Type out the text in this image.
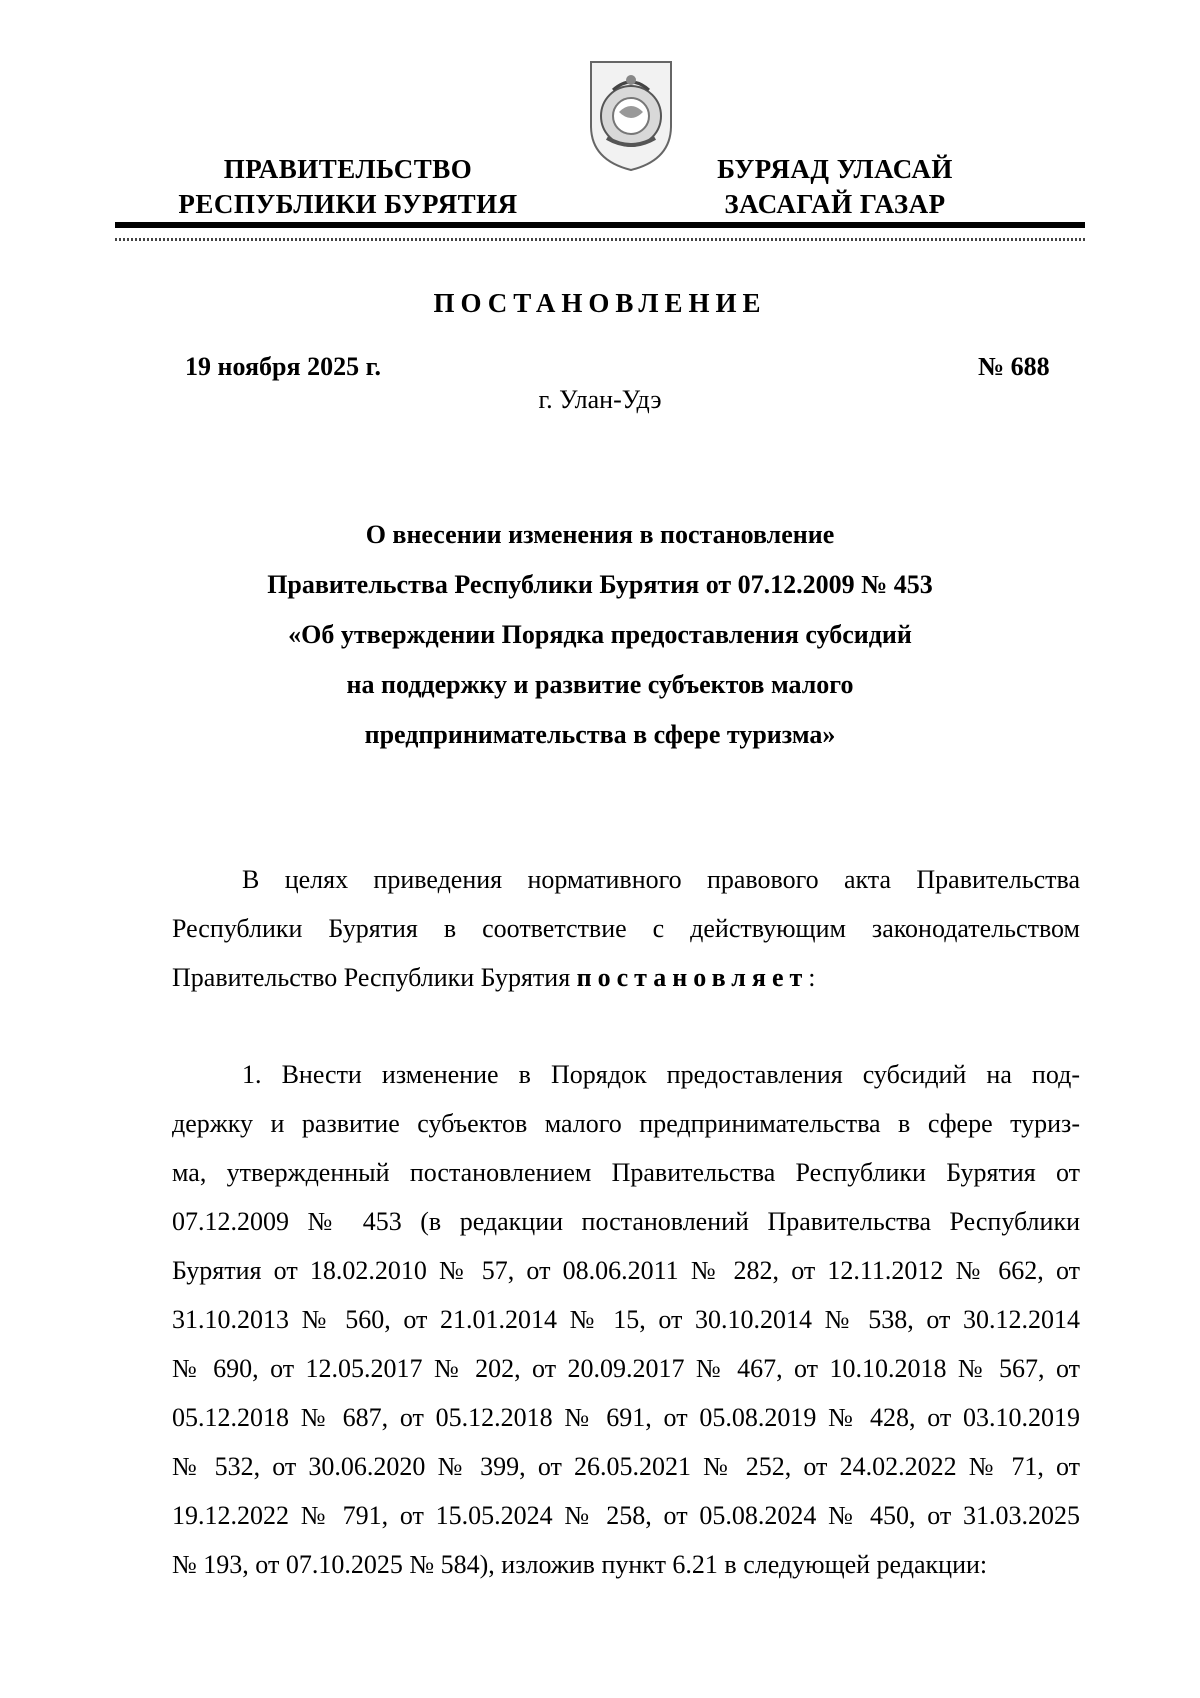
ПРАВИТЕЛЬСТВО
РЕСПУБЛИКИ БУРЯТИЯ
БУРЯАД УЛАСАЙ
ЗАСАГАЙ ГАЗАР
ПОСТАНОВЛЕНИЕ
19 ноября 2025 г.	№ 688
г. Улан-Удэ
О внесении изменения в постановление
Правительства Республики Бурятия от 07.12.2009 № 453
«Об утверждении Порядка предоставления субсидий
на поддержку и развитие субъектов малого
предпринимательства в сфере туризма»
В целях приведения нормативного правового акта Правительства
Республики Бурятия в соответствие с действующим законодательством
Правительство Республики Бурятия постановляет:
1. Внести изменение в Порядок предоставления субсидий на под-
держку и развитие субъектов малого предпринимательства в сфере туриз-
ма, утвержденный постановлением Правительства Республики Бурятия от
07.12.2009 № 453 (в редакции постановлений Правительства Республики
Бурятия от 18.02.2010 № 57, от 08.06.2011 № 282, от 12.11.2012 № 662, от
31.10.2013 № 560, от 21.01.2014 № 15, от 30.10.2014 № 538, от 30.12.2014
№ 690, от 12.05.2017 № 202, от 20.09.2017 № 467, от 10.10.2018 № 567, от
05.12.2018 № 687, от 05.12.2018 № 691, от 05.08.2019 № 428, от 03.10.2019
№ 532, от 30.06.2020 № 399, от 26.05.2021 № 252, от 24.02.2022 № 71, от
19.12.2022 № 791, от 15.05.2024 № 258, от 05.08.2024 № 450, от 31.03.2025
№ 193, от 07.10.2025 № 584), изложив пункт 6.21 в следующей редакции:
